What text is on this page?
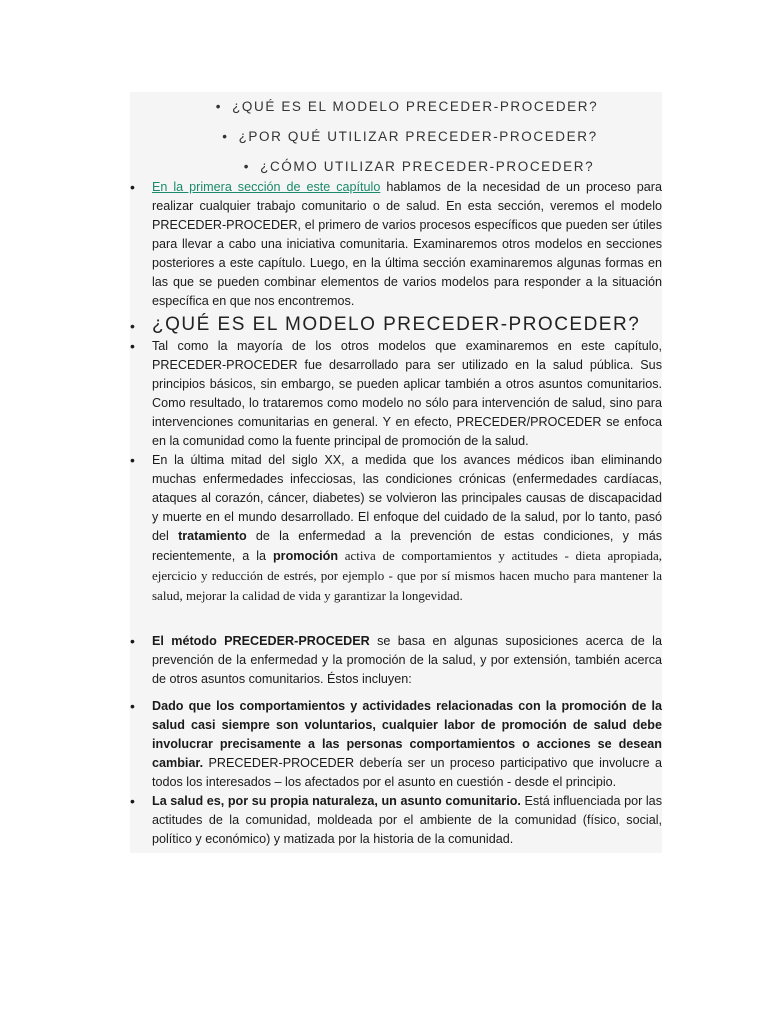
• ¿QUÉ ES EL MODELO PRECEDER-PROCEDER?
• ¿POR QUÉ UTILIZAR PRECEDER-PROCEDER?
• ¿CÓMO UTILIZAR PRECEDER-PROCEDER?
• En la primera sección de este capítulo hablamos de la necesidad de un proceso para realizar cualquier trabajo comunitario o de salud. En esta sección, veremos el modelo PRECEDER-PROCEDER, el primero de varios procesos específicos que pueden ser útiles para llevar a cabo una iniciativa comunitaria. Examinaremos otros modelos en secciones posteriores a este capítulo. Luego, en la última sección examinaremos algunas formas en las que se pueden combinar elementos de varios modelos para responder a la situación específica en que nos encontremos.
• ¿QUÉ ES EL MODELO PRECEDER-PROCEDER?
• Tal como la mayoría de los otros modelos que examinaremos en este capítulo, PRECEDER-PROCEDER fue desarrollado para ser utilizado en la salud pública. Sus principios básicos, sin embargo, se pueden aplicar también a otros asuntos comunitarios. Como resultado, lo trataremos como modelo no sólo para intervención de salud, sino para intervenciones comunitarias en general. Y en efecto, PRECEDER/PROCEDER se enfoca en la comunidad como la fuente principal de promoción de la salud.
• En la última mitad del siglo XX, a medida que los avances médicos iban eliminando muchas enfermedades infecciosas, las condiciones crónicas (enfermedades cardíacas, ataques al corazón, cáncer, diabetes) se volvieron las principales causas de discapacidad y muerte en el mundo desarrollado. El enfoque del cuidado de la salud, por lo tanto, pasó del tratamiento de la enfermedad a la prevención de estas condiciones, y más recientemente, a la promoción activa de comportamientos y actitudes - dieta apropiada, ejercicio y reducción de estrés, por ejemplo - que por sí mismos hacen mucho para mantener la salud, mejorar la calidad de vida y garantizar la longevidad.
• El método PRECEDER-PROCEDER se basa en algunas suposiciones acerca de la prevención de la enfermedad y la promoción de la salud, y por extensión, también acerca de otros asuntos comunitarios. Éstos incluyen:
• Dado que los comportamientos y actividades relacionadas con la promoción de la salud casi siempre son voluntarios, cualquier labor de promoción de salud debe involucrar precisamente a las personas comportamientos o acciones se desean cambiar. PRECEDER-PROCEDER debería ser un proceso participativo que involucre a todos los interesados – los afectados por el asunto en cuestión - desde el principio.
• La salud es, por su propia naturaleza, un asunto comunitario. Está influenciada por las actitudes de la comunidad, moldeada por el ambiente de la comunidad (físico, social, político y económico) y matizada por la historia de la comunidad.
